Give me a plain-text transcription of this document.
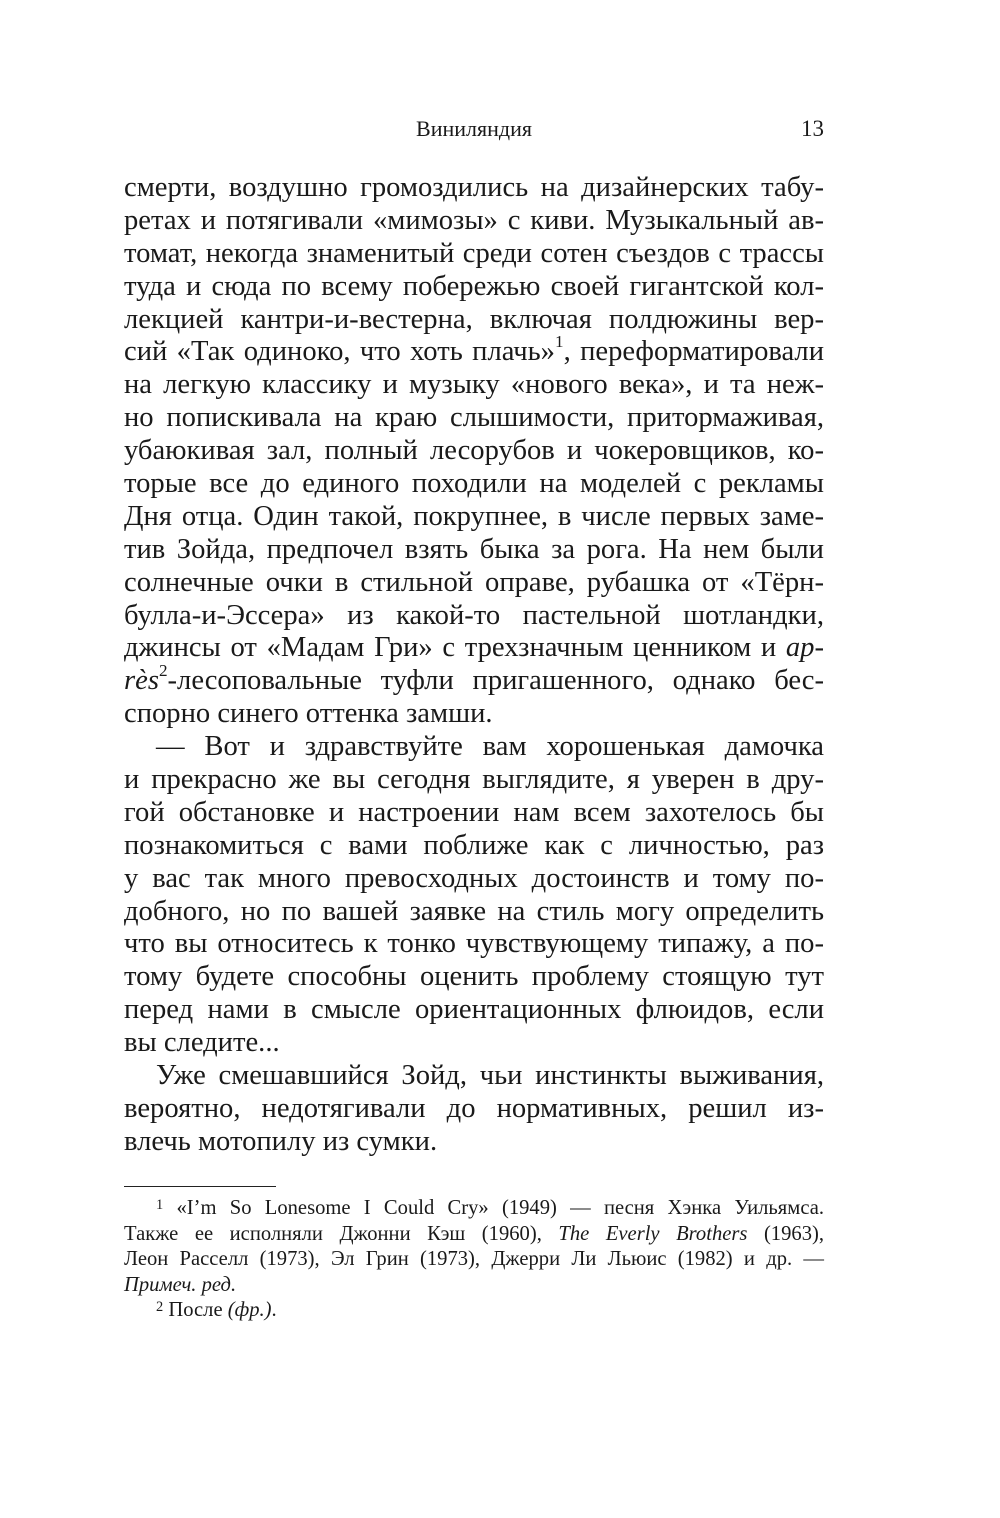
Виниляндия	13
смерти, воздушно громоздились на дизайнерских табу-
ретах и потягивали «мимозы» с киви. Музыкальный ав-
томат, некогда знаменитый среди сотен съездов с трассы
туда и сюда по всему побережью своей гигантской кол-
лекцией кантри-и-вестерна, включая полдюжины вер-
сий «Так одиноко, что хоть плачь»$^1$, переформатировали
на легкую классику и музыку «нового века», и та неж-
но попискивала на краю слышимости, притормаживая,
убаюкивая зал, полный лесорубов и чокеровщиков, ко-
торые все до единого походили на моделей с рекламы
Дня отца. Один такой, покрупнее, в числе первых заме-
тив Зойда, предпочел взять быка за рога. На нем были
солнечные очки в стильной оправе, рубашка от «Тёрн-
булла-и-Эссера» из какой-то пастельной шотландки,
джинсы от «Мадам Гри» с трехзначным ценником и ap-
rès$^2$-лесоповальные туфли пригашенного, однако бес-
спорно синего оттенка замши.
— Вот и здравствуйте вам хорошенькая дамочка
и прекрасно же вы сегодня выглядите, я уверен в дру-
гой обстановке и настроении нам всем захотелось бы
познакомиться с вами поближе как с личностью, раз
у вас так много превосходных достоинств и тому по-
добного, но по вашей заявке на стиль могу определить
что вы относитесь к тонко чувствующему типажу, а по-
тому будете способны оценить проблему стоящую тут
перед нами в смысле ориентационных флюидов, если
вы следите...
Уже смешавшийся Зойд, чьи инстинкты выживания,
вероятно, недотягивали до нормативных, решил из-
влечь мотопилу из сумки.
$^1$ «I’m So Lonesome I Could Cry» (1949) — песня Хэнка Уильямса.
Также ее исполняли Джонни Кэш (1960), The Everly Brothers (1963),
Леон Расселл (1973), Эл Грин (1973), Джерри Ли Льюис (1982) и др. —
Примеч. ред.
$^2$ После (фр.).
